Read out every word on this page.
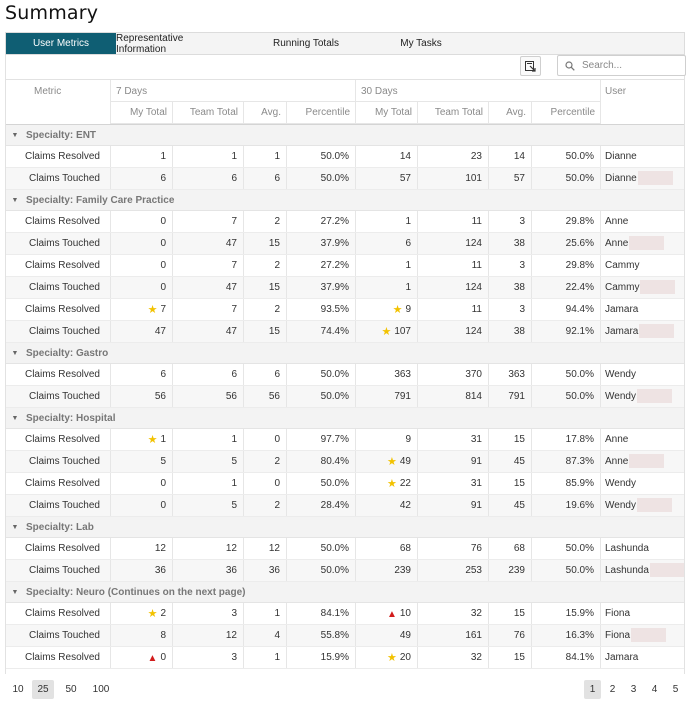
Summary
User Metrics	Representative Information	Running Totals	My Tasks
Search...
Metric	7 Days	30 Days	User
My Total	Team Total	Avg.	Percentile	My Total	Team Total	Avg.	Percentile
▼ Specialty: ENT
Claims Resolved	1	1	1	50.0%	14	23	14	50.0%	Dianne
Claims Touched	6	6	6	50.0%	57	101	57	50.0%	Dianne
▼ Specialty: Family Care Practice
Claims Resolved	0	7	2	27.2%	1	11	3	29.8%	Anne
Claims Touched	0	47	15	37.9%	6	124	38	25.6%	Anne
Claims Resolved	0	7	2	27.2%	1	11	3	29.8%	Cammy
Claims Touched	0	47	15	37.9%	1	124	38	22.4%	Cammy
Claims Resolved	★ 7	7	2	93.5%	★ 9	11	3	94.4%	Jamara
Claims Touched	47	47	15	74.4%	★ 107	124	38	92.1%	Jamara
▼ Specialty: Gastro
Claims Resolved	6	6	6	50.0%	363	370	363	50.0%	Wendy
Claims Touched	56	56	56	50.0%	791	814	791	50.0%	Wendy
▼ Specialty: Hospital
Claims Resolved	★ 1	1	0	97.7%	9	31	15	17.8%	Anne
Claims Touched	5	5	2	80.4%	★ 49	91	45	87.3%	Anne
Claims Resolved	0	1	0	50.0%	★ 22	31	15	85.9%	Wendy
Claims Touched	0	5	2	28.4%	42	91	45	19.6%	Wendy
▼ Specialty: Lab
Claims Resolved	12	12	12	50.0%	68	76	68	50.0%	Lashunda
Claims Touched	36	36	36	50.0%	239	253	239	50.0%	Lashunda
▼ Specialty: Neuro (Continues on the next page)
Claims Resolved	★ 2	3	1	84.1%	▲ 10	32	15	15.9%	Fiona
Claims Touched	8	12	4	55.8%	49	161	76	16.3%	Fiona
Claims Resolved	▲ 0	3	1	15.9%	★ 20	32	15	84.1%	Jamara
10	25	50	100	1	2	3	4	5
